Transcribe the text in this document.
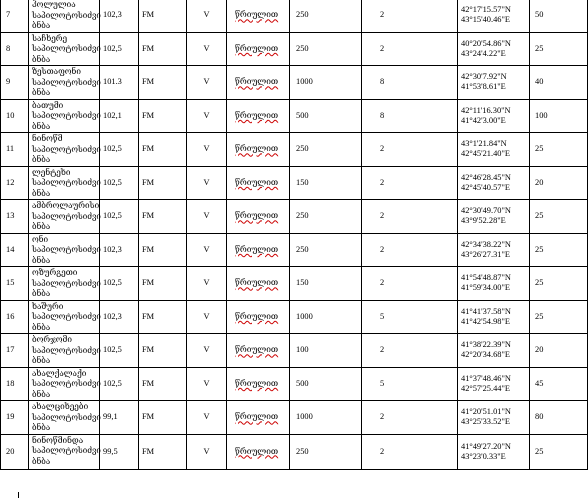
7	ჰოლულია
საპილოტოსიძვი
ბნბა	102,3	FM	V	წრიულით	250	2	42°17'15.57"N
43°15'40.46"E	50
8	საჩხერე
საპილოტოსიძვი
ბნბა	102,5	FM	V	წრიულით	250	2	40°20'54.86"N
43°24'4.22"E	25
9	ზესთაფონი
საპილოტოსიძვი
ბნბა	101.3	FM	V	წრიულით	1000	8	42°30'7.92"N
41°53'8.61"E	40
10	ბათუმი
საპილოტოსიძვი
ბნბა	102,1	FM	V	წრიულით	500	8	42°11'16.30"N
41°42'3.00"E	100
11	ნინოწმ
საპილოტოსიძვი
ბნბა	102,5	FM	V	წრიულით	250	2	43°1'21.84"N
42°45'21.40"E	25
12	ლენტეხი
საპილოტოსიძვი
ბნბა	102,5	FM	V	წრიულით	150	2	42°46'28.45"N
42°45'40.57"E	20
13	ამბროლაურისი
საპილოტოსიძვი
ბნბა	102,5	FM	V	წრიულით	250	2	42°30'49.70"N
43°9'52.28"E	25
14	ონი
საპილოტოსიძვი
ბნბა	102,3	FM	V	წრიულით	250	2	42°34'38.22"N
43°26'27.31"E	25
15	ოზურგეთი
საპილოტოსიძვი
ბნბა	102,5	FM	V	წრიულით	150	2	41°54'48.87"N
41°59'34.00"E	25
16	ხაშური
საპილოტოსიძვი
ბნბა	102,3	FM	V	წრიულით	1000	5	41°41'37.58"N
41°42'54.98"E	25
17	ბორჯომი
საპილოტოსიძვი
ბნბა	102,5	FM	V	წრიულით	100	2	41°38'22.39"N
42°20'34.68"E	20
18	ახალქალაქი
საპილოტოსიძვი
ბნბა	102,5	FM	V	წრიულით	500	5	41°37'48.46"N
42°57'25.44"E	45
19	ახალციხეები
საპილოტოსიძვი
ბნბა	99,1	FM	V	წრიულით	1000	2	41°20'51.01"N
43°25'33.52"E	80
20	ნინოწმინდა
საპილოტოსიძვი
ბნბა	99,5	FM	V	წრიულით	250	2	41°49'27.20"N
43°23'0.33"E	25
